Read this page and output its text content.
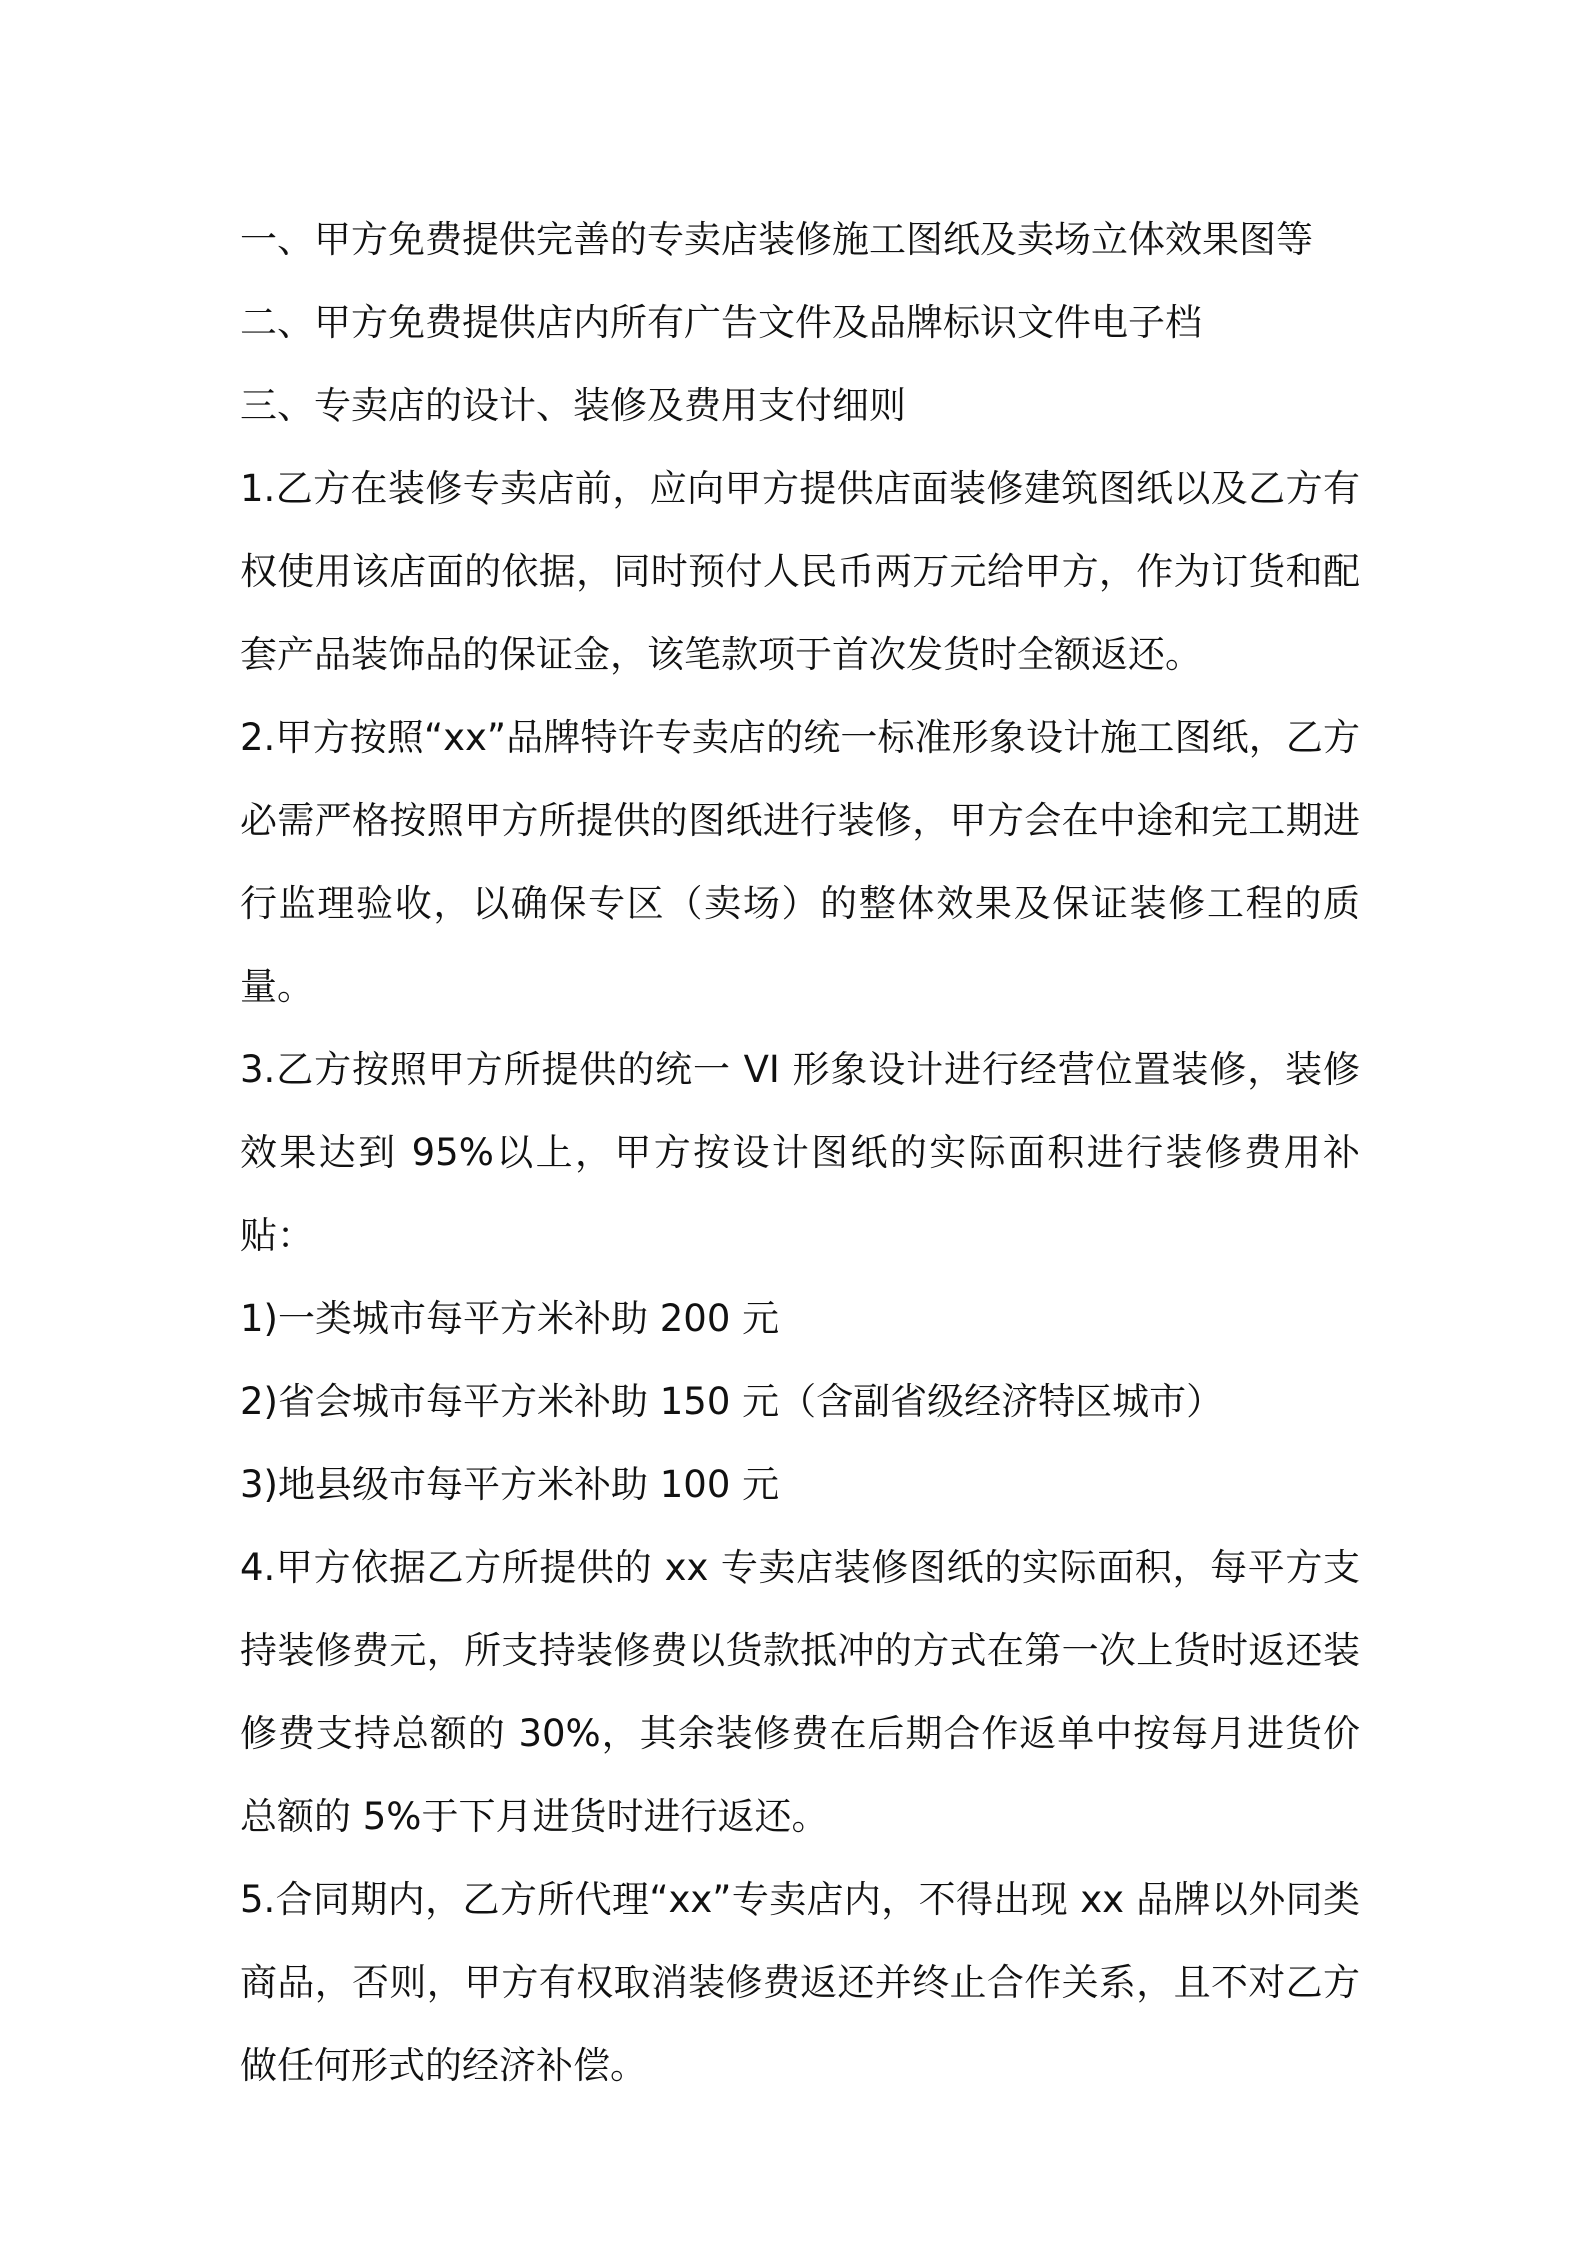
一、甲方免费提供完善的专卖店装修施工图纸及卖场立体效果图等

二、甲方免费提供店内所有广告文件及品牌标识文件电子档

三、专卖店的设计、装修及费用支付细则

1.乙方在装修专卖店前，应向甲方提供店面装修建筑图纸以及乙方有权使用该店面的依据，同时预付人民币两万元给甲方，作为订货和配套产品装饰品的保证金，该笔款项于首次发货时全额返还。

2.甲方按照“xx”品牌特许专卖店的统一标准形象设计施工图纸，乙方必需严格按照甲方所提供的图纸进行装修，甲方会在中途和完工期进行监理验收，以确保专区（卖场）的整体效果及保证装修工程的质量。

3.乙方按照甲方所提供的统一 VI 形象设计进行经营位置装修，装修效果达到 95%以上，甲方按设计图纸的实际面积进行装修费用补贴：

1)一类城市每平方米补助 200 元

2)省会城市每平方米补助 150 元（含副省级经济特区城市）

3)地县级市每平方米补助 100 元

4.甲方依据乙方所提供的 xx 专卖店装修图纸的实际面积，每平方支持装修费元，所支持装修费以货款抵冲的方式在第一次上货时返还装修费支持总额的 30%，其余装修费在后期合作返单中按每月进货价总额的 5%于下月进货时进行返还。

5.合同期内，乙方所代理“xx”专卖店内，不得出现 xx 品牌以外同类商品，否则，甲方有权取消装修费返还并终止合作关系，且不对乙方做任何形式的经济补偿。
